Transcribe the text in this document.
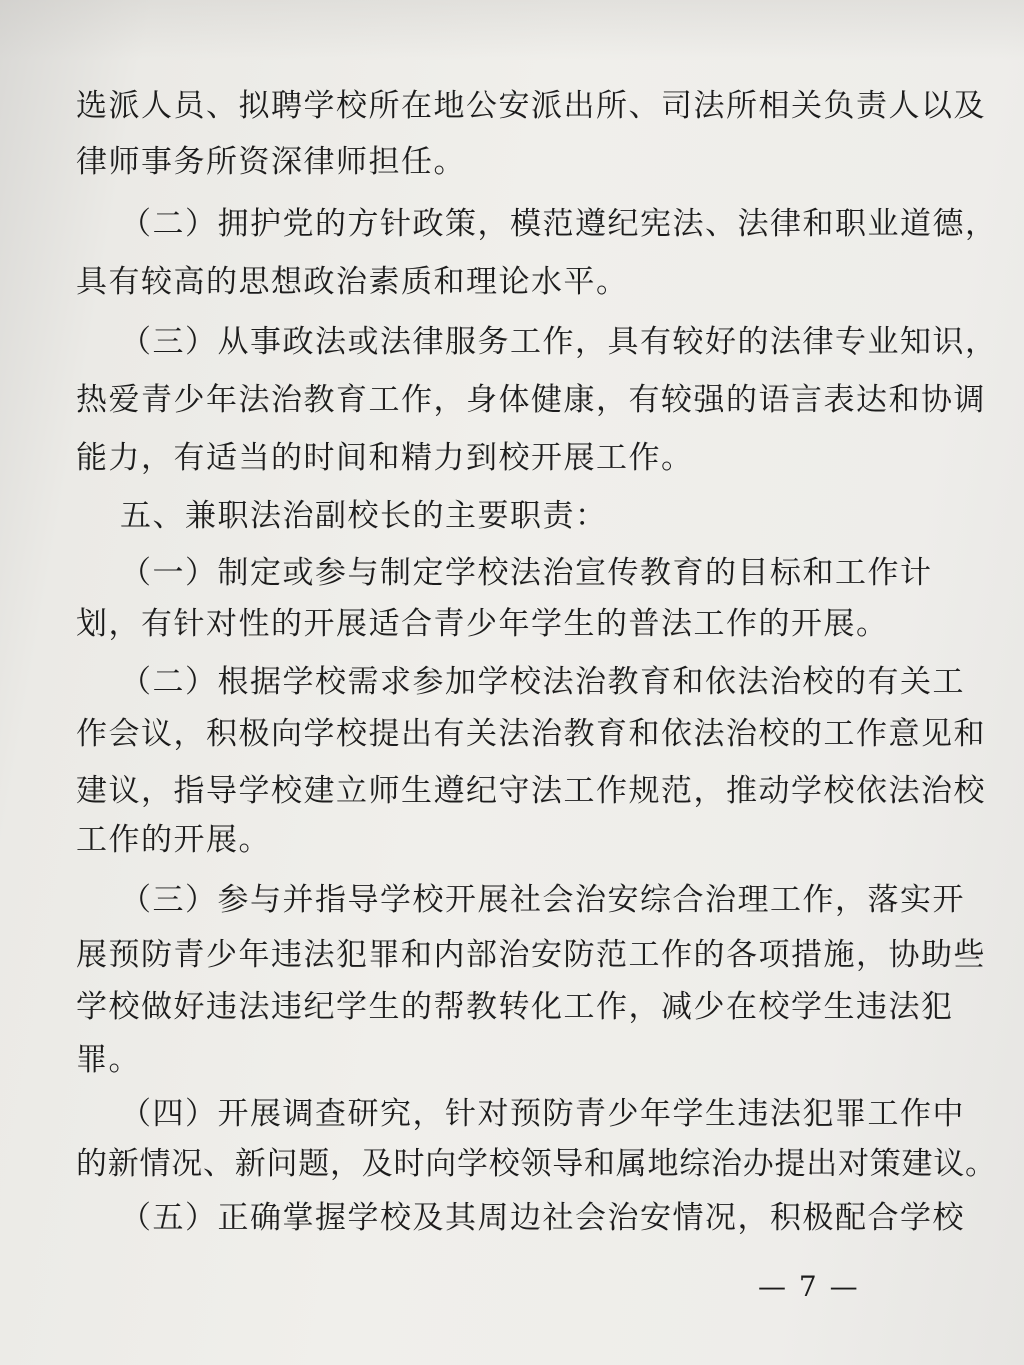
选派人员、拟聘学校所在地公安派出所、司法所相关负责人以及
律师事务所资深律师担任。
（二）拥护党的方针政策，模范遵纪宪法、法律和职业道德，
具有较高的思想政治素质和理论水平。
（三）从事政法或法律服务工作，具有较好的法律专业知识，
热爱青少年法治教育工作，身体健康，有较强的语言表达和协调
能力，有适当的时间和精力到校开展工作。
五、兼职法治副校长的主要职责：
（一）制定或参与制定学校法治宣传教育的目标和工作计
划，有针对性的开展适合青少年学生的普法工作的开展。
（二）根据学校需求参加学校法治教育和依法治校的有关工
作会议，积极向学校提出有关法治教育和依法治校的工作意见和
建议，指导学校建立师生遵纪守法工作规范，推动学校依法治校
工作的开展。
（三）参与并指导学校开展社会治安综合治理工作，落实开
展预防青少年违法犯罪和内部治安防范工作的各项措施，协助些
学校做好违法违纪学生的帮教转化工作，减少在校学生违法犯
罪。
（四）开展调查研究，针对预防青少年学生违法犯罪工作中
的新情况、新问题，及时向学校领导和属地综治办提出对策建议。
（五）正确掌握学校及其周边社会治安情况，积极配合学校
— 7 —
